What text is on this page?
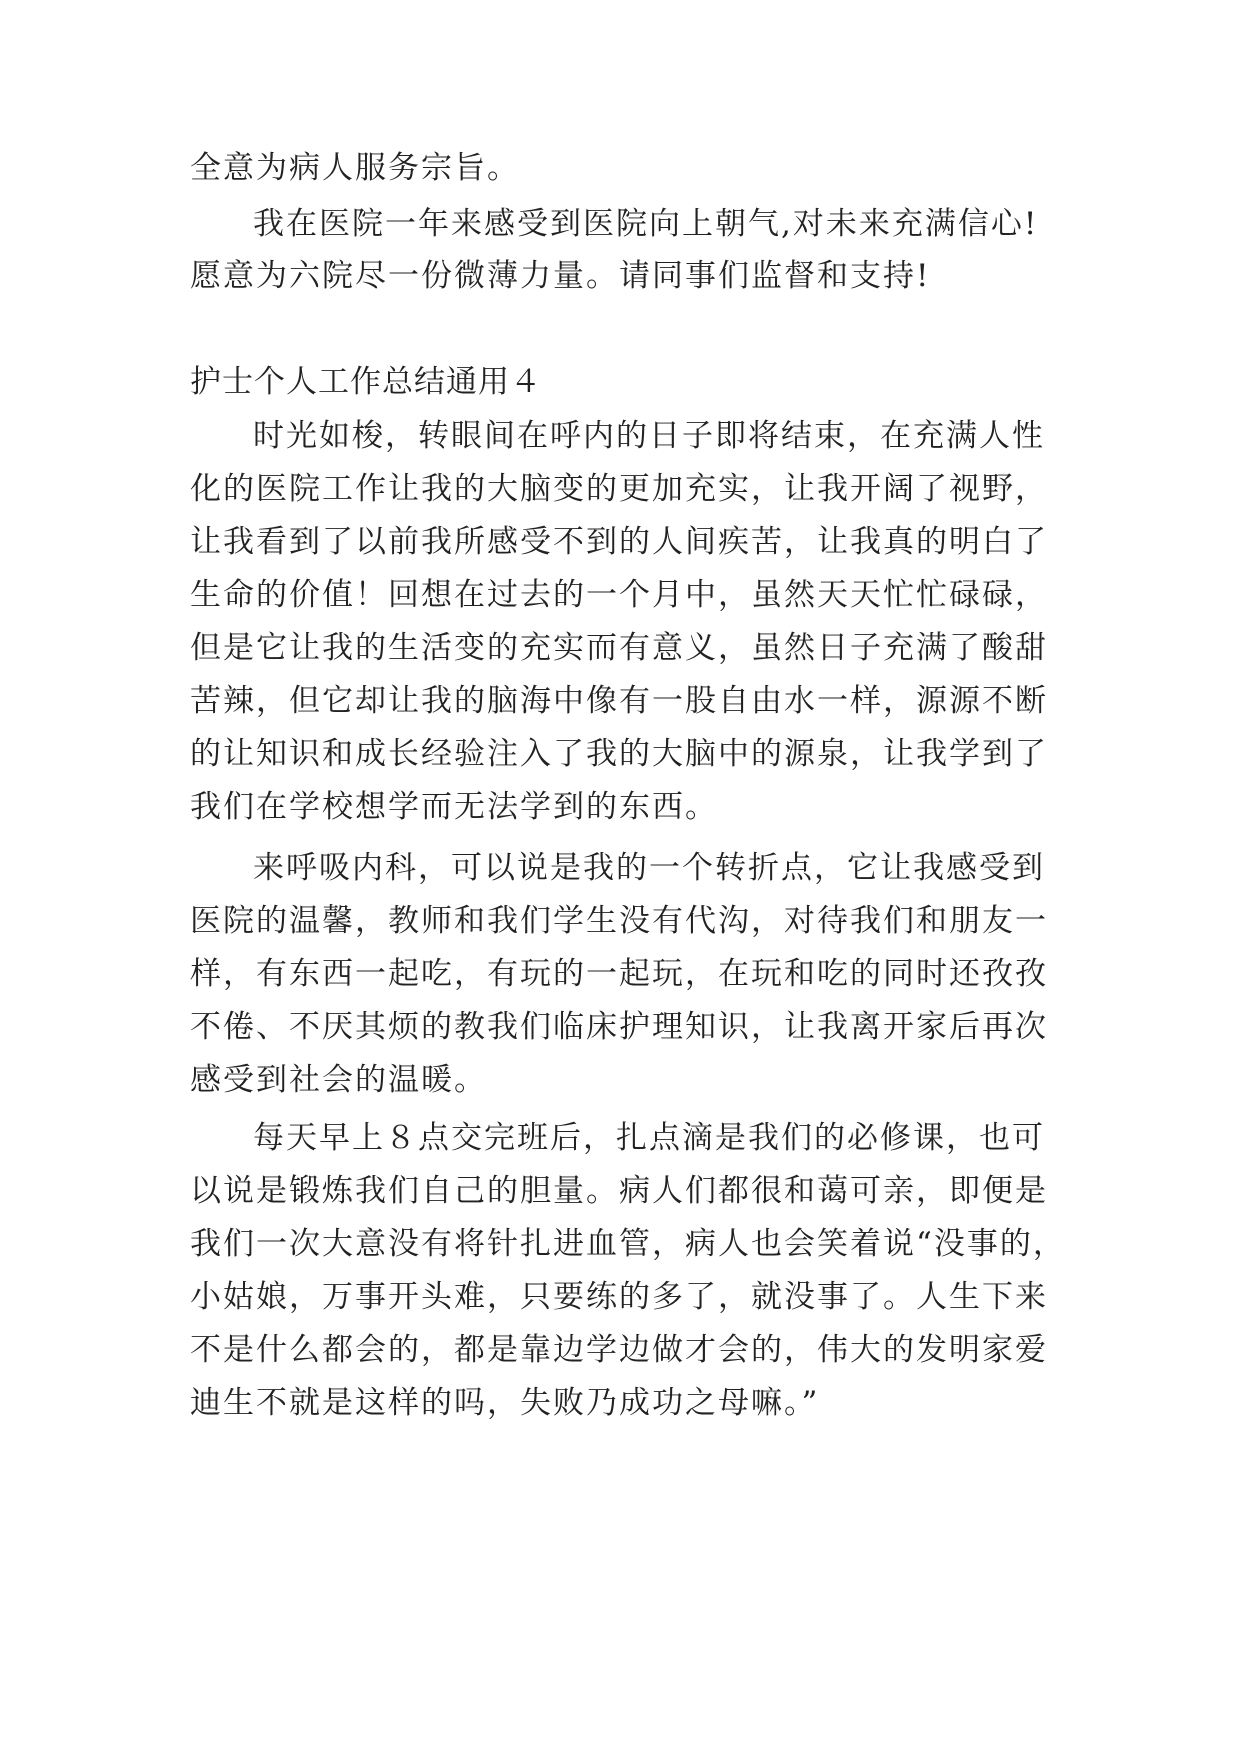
全意为病人服务宗旨。
我在医院一年来感受到医院向上朝气,对未来充满信心!
愿意为六院尽一份微薄力量。请同事们监督和支持!
护士个人工作总结通用４
时光如梭，转眼间在呼内的日子即将结束，在充满人性
化的医院工作让我的大脑变的更加充实，让我开阔了视野，
让我看到了以前我所感受不到的人间疾苦，让我真的明白了
生命的价值！回想在过去的一个月中，虽然天天忙忙碌碌，
但是它让我的生活变的充实而有意义，虽然日子充满了酸甜
苦辣，但它却让我的脑海中像有一股自由水一样，源源不断
的让知识和成长经验注入了我的大脑中的源泉，让我学到了
我们在学校想学而无法学到的东西。
来呼吸内科，可以说是我的一个转折点，它让我感受到
医院的温馨，教师和我们学生没有代沟，对待我们和朋友一
样，有东西一起吃，有玩的一起玩，在玩和吃的同时还孜孜
不倦、不厌其烦的教我们临床护理知识，让我离开家后再次
感受到社会的温暖。
每天早上８点交完班后，扎点滴是我们的必修课，也可
以说是锻炼我们自己的胆量。病人们都很和蔼可亲，即便是
我们一次大意没有将针扎进血管，病人也会笑着说“没事的，
小姑娘，万事开头难，只要练的多了，就没事了。人生下来
不是什么都会的，都是靠边学边做才会的，伟大的发明家爱
迪生不就是这样的吗，失败乃成功之母嘛。”
